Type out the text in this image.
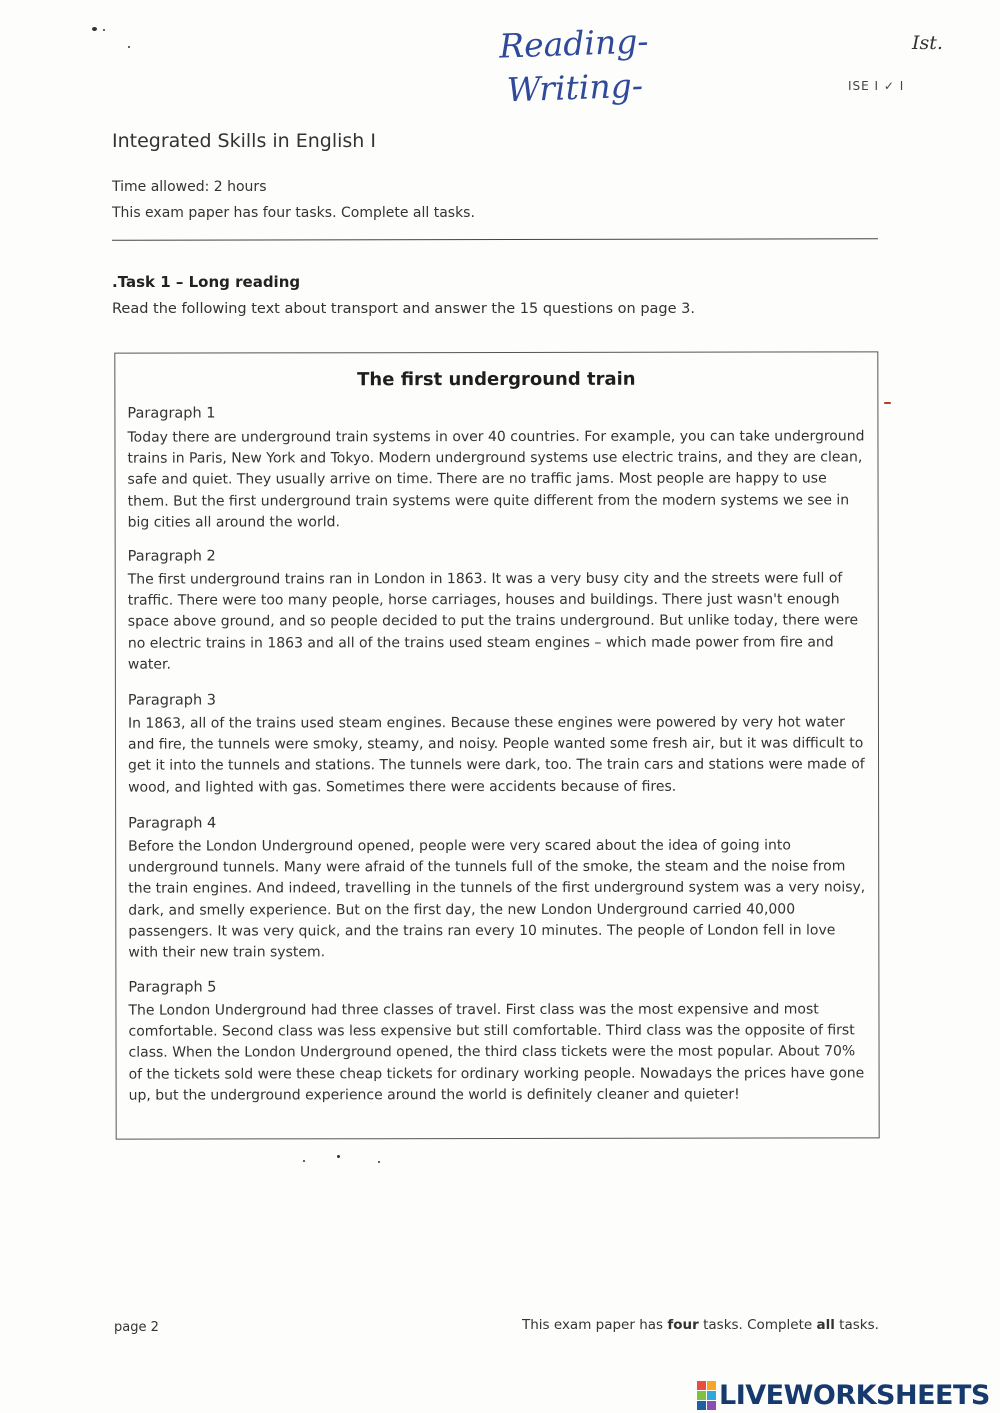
Reading-
Writing-
Ist.
ISE I ✓ I
Integrated Skills in English I
Time allowed: 2 hours
This exam paper has four tasks. Complete all tasks.
.Task 1 – Long reading
Read the following text about transport and answer the 15 questions on page 3.
The first underground train
Paragraph 1
Today there are underground train systems in over 40 countries. For example, you can take underground trains in Paris, New York and Tokyo. Modern underground systems use electric trains, and they are clean, safe and quiet. They usually arrive on time. There are no traffic jams. Most people are happy to use them. But the first underground train systems were quite different from the modern systems we see in big cities all around the world.
Paragraph 2
The first underground trains ran in London in 1863. It was a very busy city and the streets were full of traffic. There were too many people, horse carriages, houses and buildings. There just wasn't enough space above ground, and so people decided to put the trains underground. But unlike today, there were no electric trains in 1863 and all of the trains used steam engines – which made power from fire and water.
Paragraph 3
In 1863, all of the trains used steam engines. Because these engines were powered by very hot water and fire, the tunnels were smoky, steamy, and noisy. People wanted some fresh air, but it was difficult to get it into the tunnels and stations. The tunnels were dark, too. The train cars and stations were made of wood, and lighted with gas. Sometimes there were accidents because of fires.
Paragraph 4
Before the London Underground opened, people were very scared about the idea of going into underground tunnels. Many were afraid of the tunnels full of the smoke, the steam and the noise from the train engines. And indeed, travelling in the tunnels of the first underground system was a very noisy, dark, and smelly experience. But on the first day, the new London Underground carried 40,000 passengers. It was very quick, and the trains ran every 10 minutes. The people of London fell in love with their new train system.
Paragraph 5
The London Underground had three classes of travel. First class was the most expensive and most comfortable. Second class was less expensive but still comfortable. Third class was the opposite of first class. When the London Underground opened, the third class tickets were the most popular. About 70% of the tickets sold were these cheap tickets for ordinary working people. Nowadays the prices have gone up, but the underground experience around the world is definitely cleaner and quieter!
page 2	This exam paper has four tasks. Complete all tasks.
LIVEWORKSHEETS
